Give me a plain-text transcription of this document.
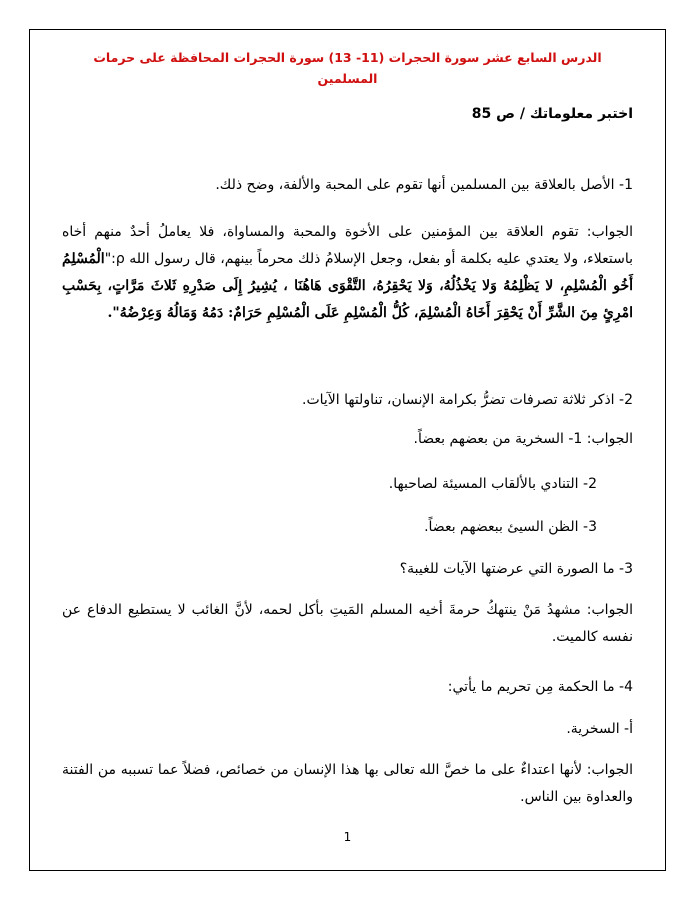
الدرس السابع عشر سورة الحجرات (11- 13) سورة الحجرات المحافظة على حرمات المسلمين
اختبر معلوماتك / ص 85
1- الأصل بالعلاقة بين المسلمين أنها تقوم على المحبة والألفة، وضح ذلك.
الجواب: تقوم العلاقة بين المؤمنين على الأخوة والمحبة والمساواة، فلا يعاملُ أحدٌ منهم أخاه باستعلاء، ولا يعتدي عليه بكلمة أو بفعل، وجعل الإسلامُ ذلك محرماً بينهم، قال رسول الله ρ:"الْمُسْلِمُ أَخُو الْمُسْلِمِ، لا يَظْلِمُهُ وَلا يَخْذُلُهُ، وَلا يَحْقِرُهُ، التَّقْوَى هَاهُنَا ، يُشِيرُ إِلَى صَدْرِهِ ثَلاثَ مَرَّاتٍ، بِحَسْبِ امْرِئٍ مِنَ الشَّرِّ أَنْ يَحْقِرَ أَخَاهُ الْمُسْلِمَ، كُلُّ الْمُسْلِمِ عَلَى الْمُسْلِمِ حَرَامٌ: دَمُهُ وَمَالُهُ وَعِرْضُهُ".
2- اذكر ثلاثة تصرفات تضرُّ بكرامة الإنسان، تناولتها الآيات.
الجواب: 1- السخرية من بعضهم بعضاً.
2- التنادي بالألقاب المسيئة لصاحبها.
3- الظن السيئ ببعضهم بعضاً.
3- ما الصورة التي عرضتها الآيات للغيبة؟
الجواب: مشهدُ مَنْ ينتهكُ حرمةَ أخيه المسلم المَيتِ بأكل لحمه، لأنَّ الغائب لا يستطيع الدفاع عن نفسه كالميت.
4- ما الحكمة مِن تحريم ما يأتي:
أ- السخرية.
الجواب: لأنها اعتداءٌ على ما خصَّ الله تعالى بها هذا الإنسان من خصائص، فضلاً عما تسببه من الفتنة والعداوة بين الناس.
1
